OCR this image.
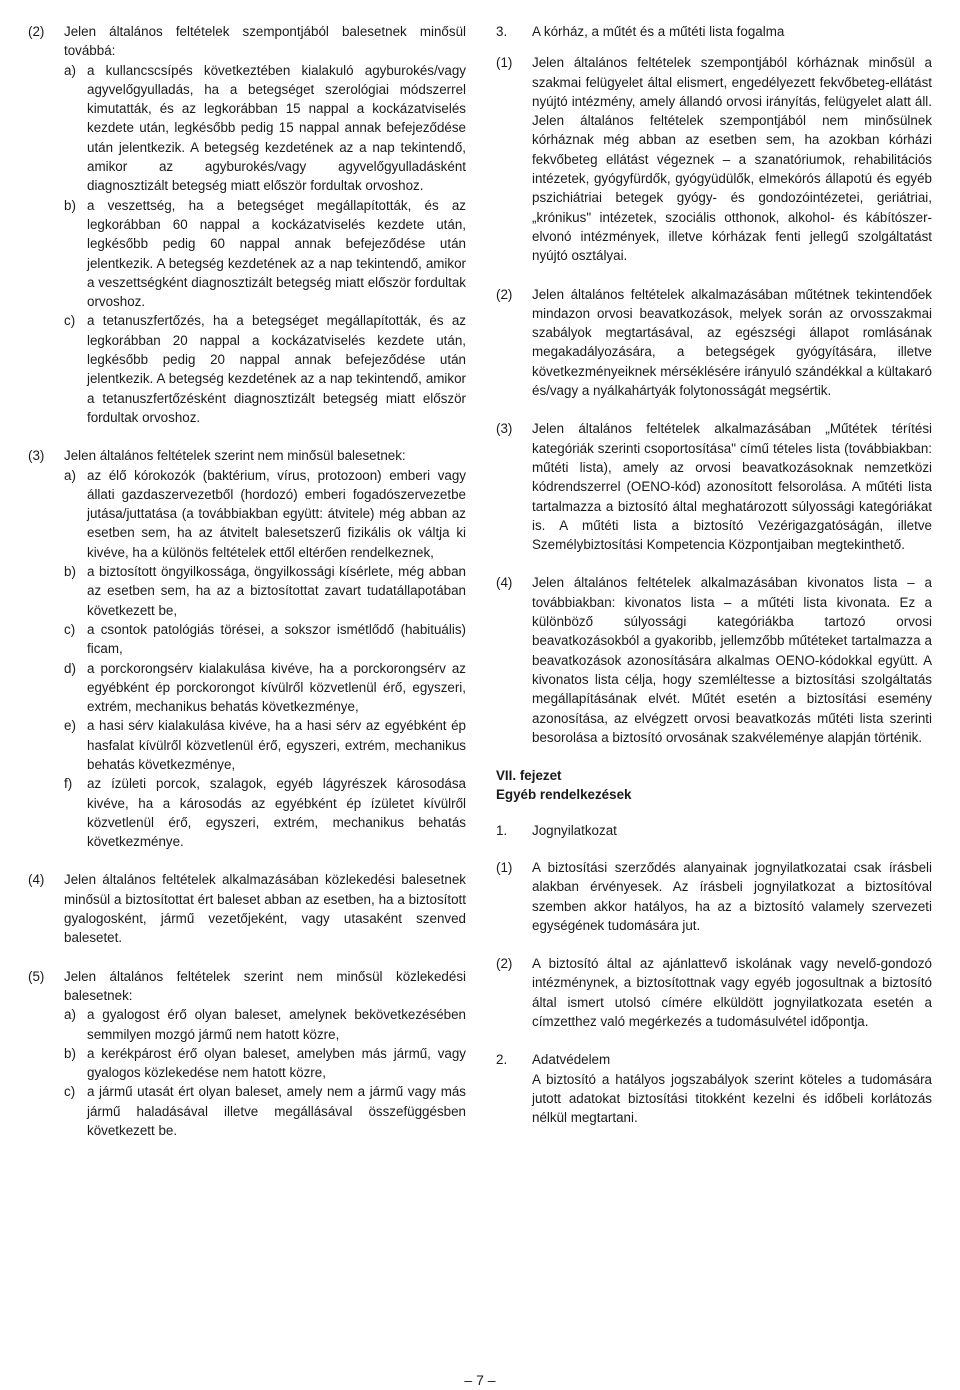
(2)	Jelen általános feltételek szempontjából balesetnek minősül továbbá:
a) a kullancscsípés következtében kialakuló agyburokés/vagy agyvelőgyulladás, ha a betegséget szerológiai módszerrel kimutatták, és az legkorábban 15 nappal a kockázatviselés kezdete után, legkésőbb pedig 15 nappal annak befejeződése után jelentkezik. A betegség kezdetének az a nap tekintendő, amikor az agyburokés/vagy agyvelőgyulladásként diagnosztizált betegség miatt először fordultak orvoshoz.
b) a veszettség, ha a betegséget megállapították, és az legkorábban 60 nappal a kockázatviselés kezdete után, legkésőbb pedig 60 nappal annak befejeződése után jelentkezik. A betegség kezdetének az a nap tekintendő, amikor a veszettségként diagnosztizált betegség miatt először fordultak orvoshoz.
c) a tetanuszfertőzés, ha a betegséget megállapították, és az legkorábban 20 nappal a kockázatviselés kezdete után, legkésőbb pedig 20 nappal annak befejeződése után jelentkezik. A betegség kezdetének az a nap tekintendő, amikor a tetanuszfertőzésként diagnosztizált betegség miatt először fordultak orvoshoz.
(3)	Jelen általános feltételek szerint nem minősül balesetnek:
a) az élő kórokozók (baktérium, vírus, protozoon) emberi vagy állati gazdaszervezetből (hordozó) emberi fogadószervezetbe jutása/juttatása (a továbbiakban együtt: átvitele) még abban az esetben sem, ha az átvitelt balesetszerű fizikális ok váltja ki kivéve, ha a különös feltételek ettől eltérően rendelkeznek,
b) a biztosított öngyilkossága, öngyilkossági kísérlete, még abban az esetben sem, ha az a biztosítottat zavart tudatállapotában következett be,
c) a csontok patológiás törései, a sokszor ismétlődő (habituális) ficam,
d) a porckorongsérv kialakulása kivéve, ha a porckorongsérv az egyébként ép porckorongot kívülről közvetlenül érő, egyszeri, extrém, mechanikus behatás következménye,
e) a hasi sérv kialakulása kivéve, ha a hasi sérv az egyébként ép hasfalat kívülről közvetlenül érő, egyszeri, extrém, mechanikus behatás következménye,
f)	az ízületi porcok, szalagok, egyéb lágyrészek károsodása kivéve, ha a károsodás az egyébként ép ízületet kívülről közvetlenül érő, egyszeri, extrém, mechanikus behatás következménye.
(4)	Jelen általános feltételek alkalmazásában közlekedési balesetnek minősül a biztosítottat ért baleset abban az esetben, ha a biztosított gyalogosként, jármű vezetőjeként, vagy utasaként szenved balesetet.
(5)	Jelen általános feltételek szerint nem minősül közlekedési balesetnek:
a) a gyalogost érő olyan baleset, amelynek bekövetkezésében semmilyen mozgó jármű nem hatott közre,
b) a kerékpárost érő olyan baleset, amelyben más jármű, vagy gyalogos közlekedése nem hatott közre,
c) a jármű utasát ért olyan baleset, amely nem a jármű vagy más jármű haladásával illetve megállásával összefüggésben következett be.
3.	A kórház, a műtét és a műtéti lista fogalma
(1)	Jelen általános feltételek szempontjából kórháznak minősül a szakmai felügyelet által elismert, engedélyezett fekvőbeteg-ellátást nyújtó intézmény, amely állandó orvosi irányítás, felügyelet alatt áll. Jelen általános feltételek szempontjából nem minősülnek kórháznak még abban az esetben sem, ha azokban kórházi fekvőbeteg ellátást végeznek – a szanatóriumok, rehabilitációs intézetek, gyógyfürdők, gyógyüdülők, elmekórós állapotú és egyéb pszichiátriai betegek gyógy- és gondozóintézetei, geriátriai, „krónikus" intézetek, szociális otthonok, alkohol- és kábítószer-elvonó intézmények, illetve kórházak fenti jellegű szolgáltatást nyújtó osztályai.
(2)	Jelen általános feltételek alkalmazásában műtétnek tekintendőek mindazon orvosi beavatkozások, melyek során az orvosszakmai szabályok megtartásával, az egészségi állapot romlásának megakadályozására, a betegségek gyógyítására, illetve következményeiknek mérséklésére irányuló szándékkal a kültakaró és/vagy a nyálkahártyák folytonosságát megsértik.
(3)	Jelen általános feltételek alkalmazásában „Műtétek térítési kategóriák szerinti csoportosítása" című tételes lista (továbbiakban: műtéti lista), amely az orvosi beavatkozásoknak nemzetközi kódrendszerrel (OENO-kód) azonosított felsorolása. A műtéti lista tartalmazza a biztosító által meghatározott súlyossági kategóriákat is. A műtéti lista a biztosító Vezérigazgatóságán, illetve Személybiztosítási Kompetencia Központjaiban megtekinthető.
(4)	Jelen általános feltételek alkalmazásában kivonatos lista – a továbbiakban: kivonatos lista – a műtéti lista kivonata. Ez a különböző súlyossági kategóriákba tartozó orvosi beavatkozásokból a gyakoribb, jellemzőbb műtéteket tartalmazza a beavatkozások azonosítására alkalmas OENO-kódokkal együtt. A kivonatos lista célja, hogy szemléltesse a biztosítási szolgáltatás megállapításának elvét. Műtét esetén a biztosítási esemény azonosítása, az elvégzett orvosi beavatkozás műtéti lista szerinti besorolása a biztosító orvosának szakvéleménye alapján történik.
VII. fejezet
Egyéb rendelkezések
1.	Jognyilatkozat
(1)	A biztosítási szerződés alanyainak jognyilatkozatai csak írásbeli alakban érvényesek. Az írásbeli jognyilatkozat a biztosítóval szemben akkor hatályos, ha az a biztosító valamely szervezeti egységének tudomására jut.
(2)	A biztosító által az ajánlattevő iskolának vagy nevelő-gondozó intézménynek, a biztosítottnak vagy egyéb jogosultnak a biztosító által ismert utolsó címére elküldött jognyilatkozata esetén a címzetthez való megérkezés a tudomásulvétel időpontja.
2.	Adatvédelem
A biztosító a hatályos jogszabályok szerint köteles a tudomására jutott adatokat biztosítási titokként kezelni és időbeli korlátozás nélkül megtartani.
– 7 –
